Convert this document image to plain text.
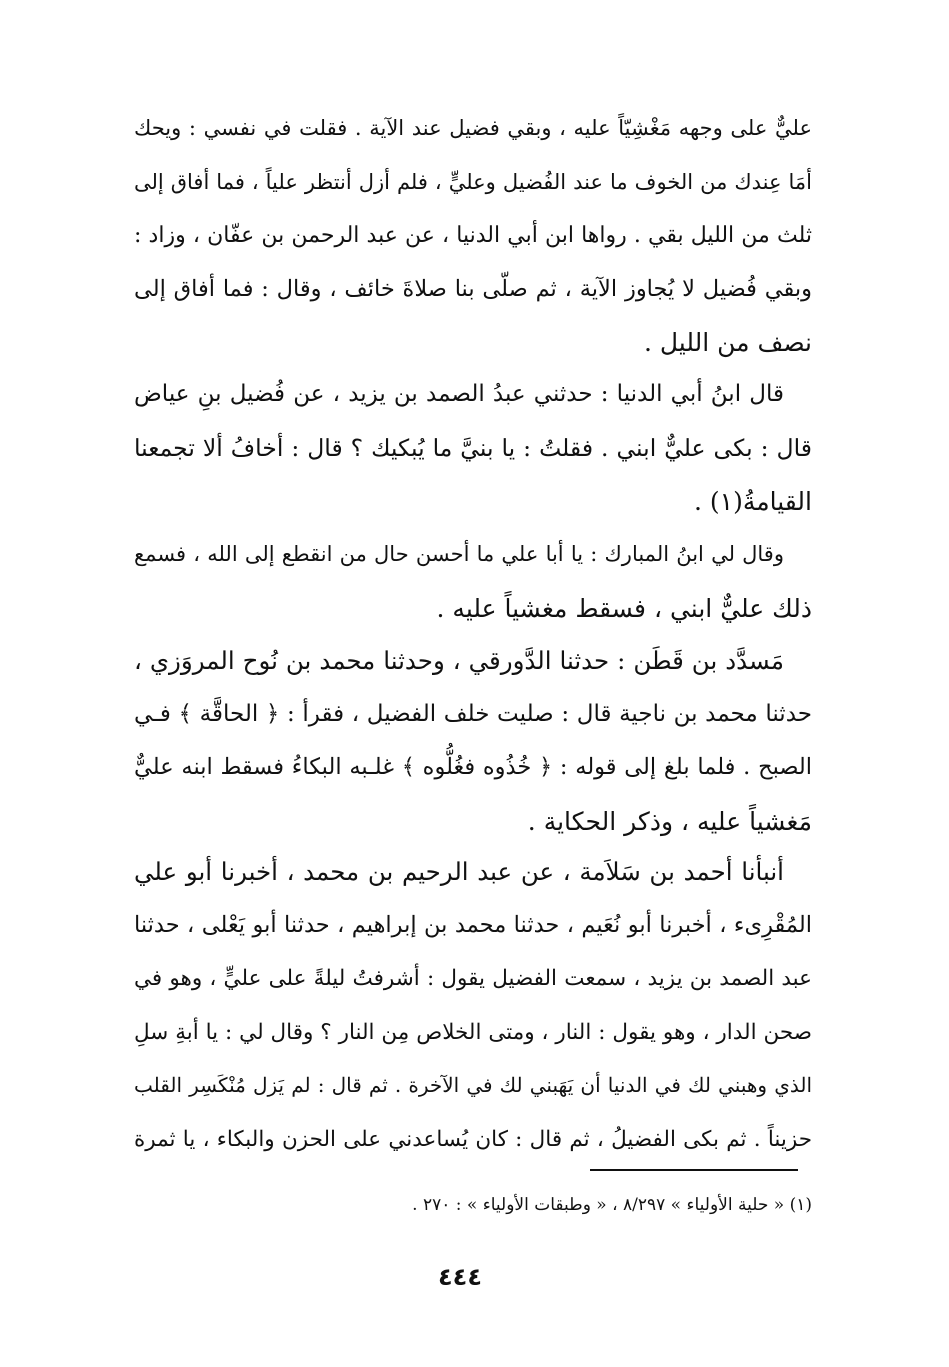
عليٌّ على وجهه مَغْشِيّاً عليه ، وبقي فضيل عند الآية . فقلت في نفسي : ويحك
أمَا عِندك من الخوف ما عند الفُضيل وعليٍّ ، فلم أزل أنتظر علياً ، فما أفاق إلى
ثلث من الليل بقي . رواها ابن أبي الدنيا ، عن عبد الرحمن بن عفّان ، وزاد :
وبقي فُضيل لا يُجاوز الآية ، ثم صلّى بنا صلاةَ خائف ، وقال : فما أفاق إلى
نصف من الليل .
قال ابنُ أبي الدنيا : حدثني عبدُ الصمد بن يزيد ، عن فُضيل بنِ عياض
قال : بكى عليٌّ ابني . فقلتُ : يا بنيَّ ما يُبكيك ؟ قال : أخافُ ألا تجمعنا
القيامةُ(١) .
وقال لي ابنُ المبارك : يا أبا علي ما أحسن حال من انقطع إلى الله ، فسمع
ذلك عليٌّ ابني ، فسقط مغشياً عليه .
مَسدَّد بن قَطَن : حدثنا الدَّورقي ، وحدثنا محمد بن نُوح المروَزي ،
حدثنا محمد بن ناجية قال : صليت خلف الفضيل ، فقرأ : ﴿ الحاقَّة ﴾ فـي
الصبح . فلما بلغ إلى قوله : ﴿ خُذُوه فغُلُّوه ﴾ غلـبه البكاءُ فسقط ابنه عليٌّ
مَغشياً عليه ، وذكر الحكاية .
أنبأنا أحمد بن سَلاَمة ، عن عبد الرحيم بن محمد ، أخبرنا أبو علي
المُقْرِىء ، أخبرنا أبو نُعَيم ، حدثنا محمد بن إبراهيم ، حدثنا أبو يَعْلى ، حدثنا
عبد الصمد بن يزيد ، سمعت الفضيل يقول : أشرفتُ ليلةً على عليٍّ ، وهو في
صحن الدار ، وهو يقول : النار ، ومتى الخلاص مِن النار ؟ وقال لي : يا أبةِ سلِ
الذي وهبني لك في الدنيا أن يَهَبني لك في الآخرة . ثم قال : لم يَزل مُنْكَسِر القلب
حزيناً . ثم بكى الفضيلُ ، ثم قال : كان يُساعدني على الحزن والبكاء ، يا ثمرة
(١) « حلية الأولياء » ٨/٢٩٧ ، « وطبقات الأولياء » : ٢٧٠ .
٤٤٤
